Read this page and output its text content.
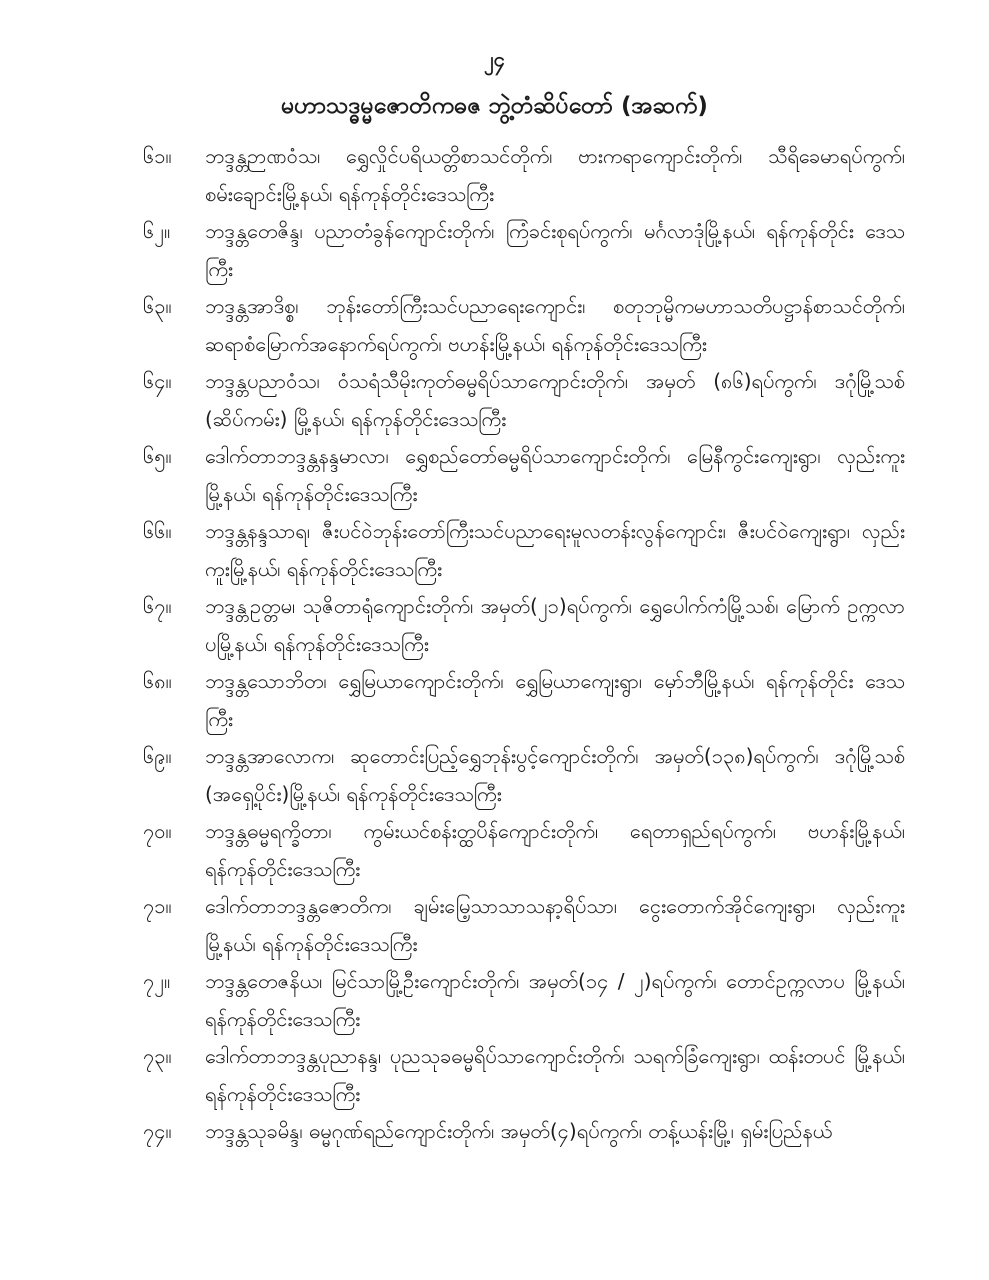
၂၄
မဟာသဒ္ဓမ္မဇောတိကဓဇ ဘွဲ့တံဆိပ်တော် (အဆက်)
၆၁။	ဘဒ္ဒန္တဉာဏဝံသ၊ ရွှေလှိုင်ပရိယတ္တိစာသင်တိုက်၊ ဗားကရာကျောင်းတိုက်၊ သီရိခေမာရပ်ကွက်၊ စမ်းချောင်းမြို့နယ်၊ ရန်ကုန်တိုင်းဒေသကြီး
၆၂။	ဘဒ္ဒန္တတေဇိန္ဒ၊ ပညာတံခွန်ကျောင်းတိုက်၊ ကြံခင်းစုရပ်ကွက်၊ မင်္ဂလာဒုံမြို့နယ်၊ ရန်ကုန်တိုင်း ဒေသကြီး
၆၃။	ဘဒ္ဒန္တအာဒိစ္စ၊ ဘုန်းတော်ကြီးသင်ပညာရေးကျောင်း၊ စတုဘုမ္မိကမဟာသတိပဋ္ဌာန်စာသင်တိုက်၊ ဆရာစံမြောက်အနောက်ရပ်ကွက်၊ ဗဟန်းမြို့နယ်၊ ရန်ကုန်တိုင်းဒေသကြီး
၆၄။	ဘဒ္ဒန္တပညာဝံသ၊ ဝံသရံသီမိုးကုတ်ဓမ္မရိပ်သာကျောင်းတိုက်၊ အမှတ် (၈၆)ရပ်ကွက်၊ ဒဂုံမြို့သစ် (ဆိပ်ကမ်း) မြို့နယ်၊ ရန်ကုန်တိုင်းဒေသကြီး
၆၅။	ဒေါက်တာဘဒ္ဒန္တနန္ဒမာလာ၊ ရွှေစည်တော်ဓမ္မရိပ်သာကျောင်းတိုက်၊ မြေနီကွင်းကျေးရွာ၊ လှည်းကူးမြို့နယ်၊ ရန်ကုန်တိုင်းဒေသကြီး
၆၆။	ဘဒ္ဒန္တနန္ဒသာရ၊ ဇီးပင်ဝဲဘုန်းတော်ကြီးသင်ပညာရေးမူလတန်းလွန်ကျောင်း၊ ဇီးပင်ဝဲကျေးရွာ၊ လှည်းကူးမြို့နယ်၊ ရန်ကုန်တိုင်းဒေသကြီး
၆၇။	ဘဒ္ဒန္တဥတ္တမ၊ သုဇိတာရုံကျောင်းတိုက်၊ အမှတ်(၂၁)ရပ်ကွက်၊ ရွှေပေါက်ကံမြို့သစ်၊ မြောက် ဥက္ကလာပမြို့နယ်၊ ရန်ကုန်တိုင်းဒေသကြီး
၆၈။	ဘဒ္ဒန္တသောဘိတ၊ ရွှေမြယာကျောင်းတိုက်၊ ရွှေမြယာကျေးရွာ၊ မှော်ဘီမြို့နယ်၊ ရန်ကုန်တိုင်း ဒေသကြီး
၆၉။	ဘဒ္ဒန္တအာလောက၊ ဆုတောင်းပြည့်ရွှေဘုန်းပွင့်ကျောင်းတိုက်၊ အမှတ်(၁၃၈)ရပ်ကွက်၊ ဒဂုံမြို့သစ် (အရှေ့ပိုင်း)မြို့နယ်၊ ရန်ကုန်တိုင်းဒေသကြီး
၇၀။	ဘဒ္ဒန္တဓမ္မရက္ခိတာ၊ ကွမ်းယင်စန်းတ္ထပိန်ကျောင်းတိုက်၊ ရေတာရှည်ရပ်ကွက်၊ ဗဟန်းမြို့နယ်၊ ရန်ကုန်တိုင်းဒေသကြီး
၇၁။	ဒေါက်တာဘဒ္ဒန္တဇောတိက၊ ချမ်းမြေ့သာသာသနာ့ရိပ်သာ၊ ငွေးတောက်အိုင်ကျေးရွာ၊ လှည်းကူး မြို့နယ်၊ ရန်ကုန်တိုင်းဒေသကြီး
၇၂။	ဘဒ္ဒန္တတေဇနိယ၊ မြင်သာမြို့ဦးကျောင်းတိုက်၊ အမှတ်(၁၄ / ၂)ရပ်ကွက်၊ တောင်ဥက္ကလာပ မြို့နယ်၊ ရန်ကုန်တိုင်းဒေသကြီး
၇၃။	ဒေါက်တာဘဒ္ဒန္တပုညာနန္ဒ၊ ပုညသုခဓမ္မရိပ်သာကျောင်းတိုက်၊ သရက်ခြံကျေးရွာ၊ ထန်းတပင် မြို့နယ်၊ ရန်ကုန်တိုင်းဒေသကြီး
၇၄။	ဘဒ္ဒန္တသုခမိန္ဒ၊ ဓမ္မဂုဏ်ရည်ကျောင်းတိုက်၊ အမှတ်(၄)ရပ်ကွက်၊ တန့်ယန်းမြို့၊ ရှမ်းပြည်နယ်
